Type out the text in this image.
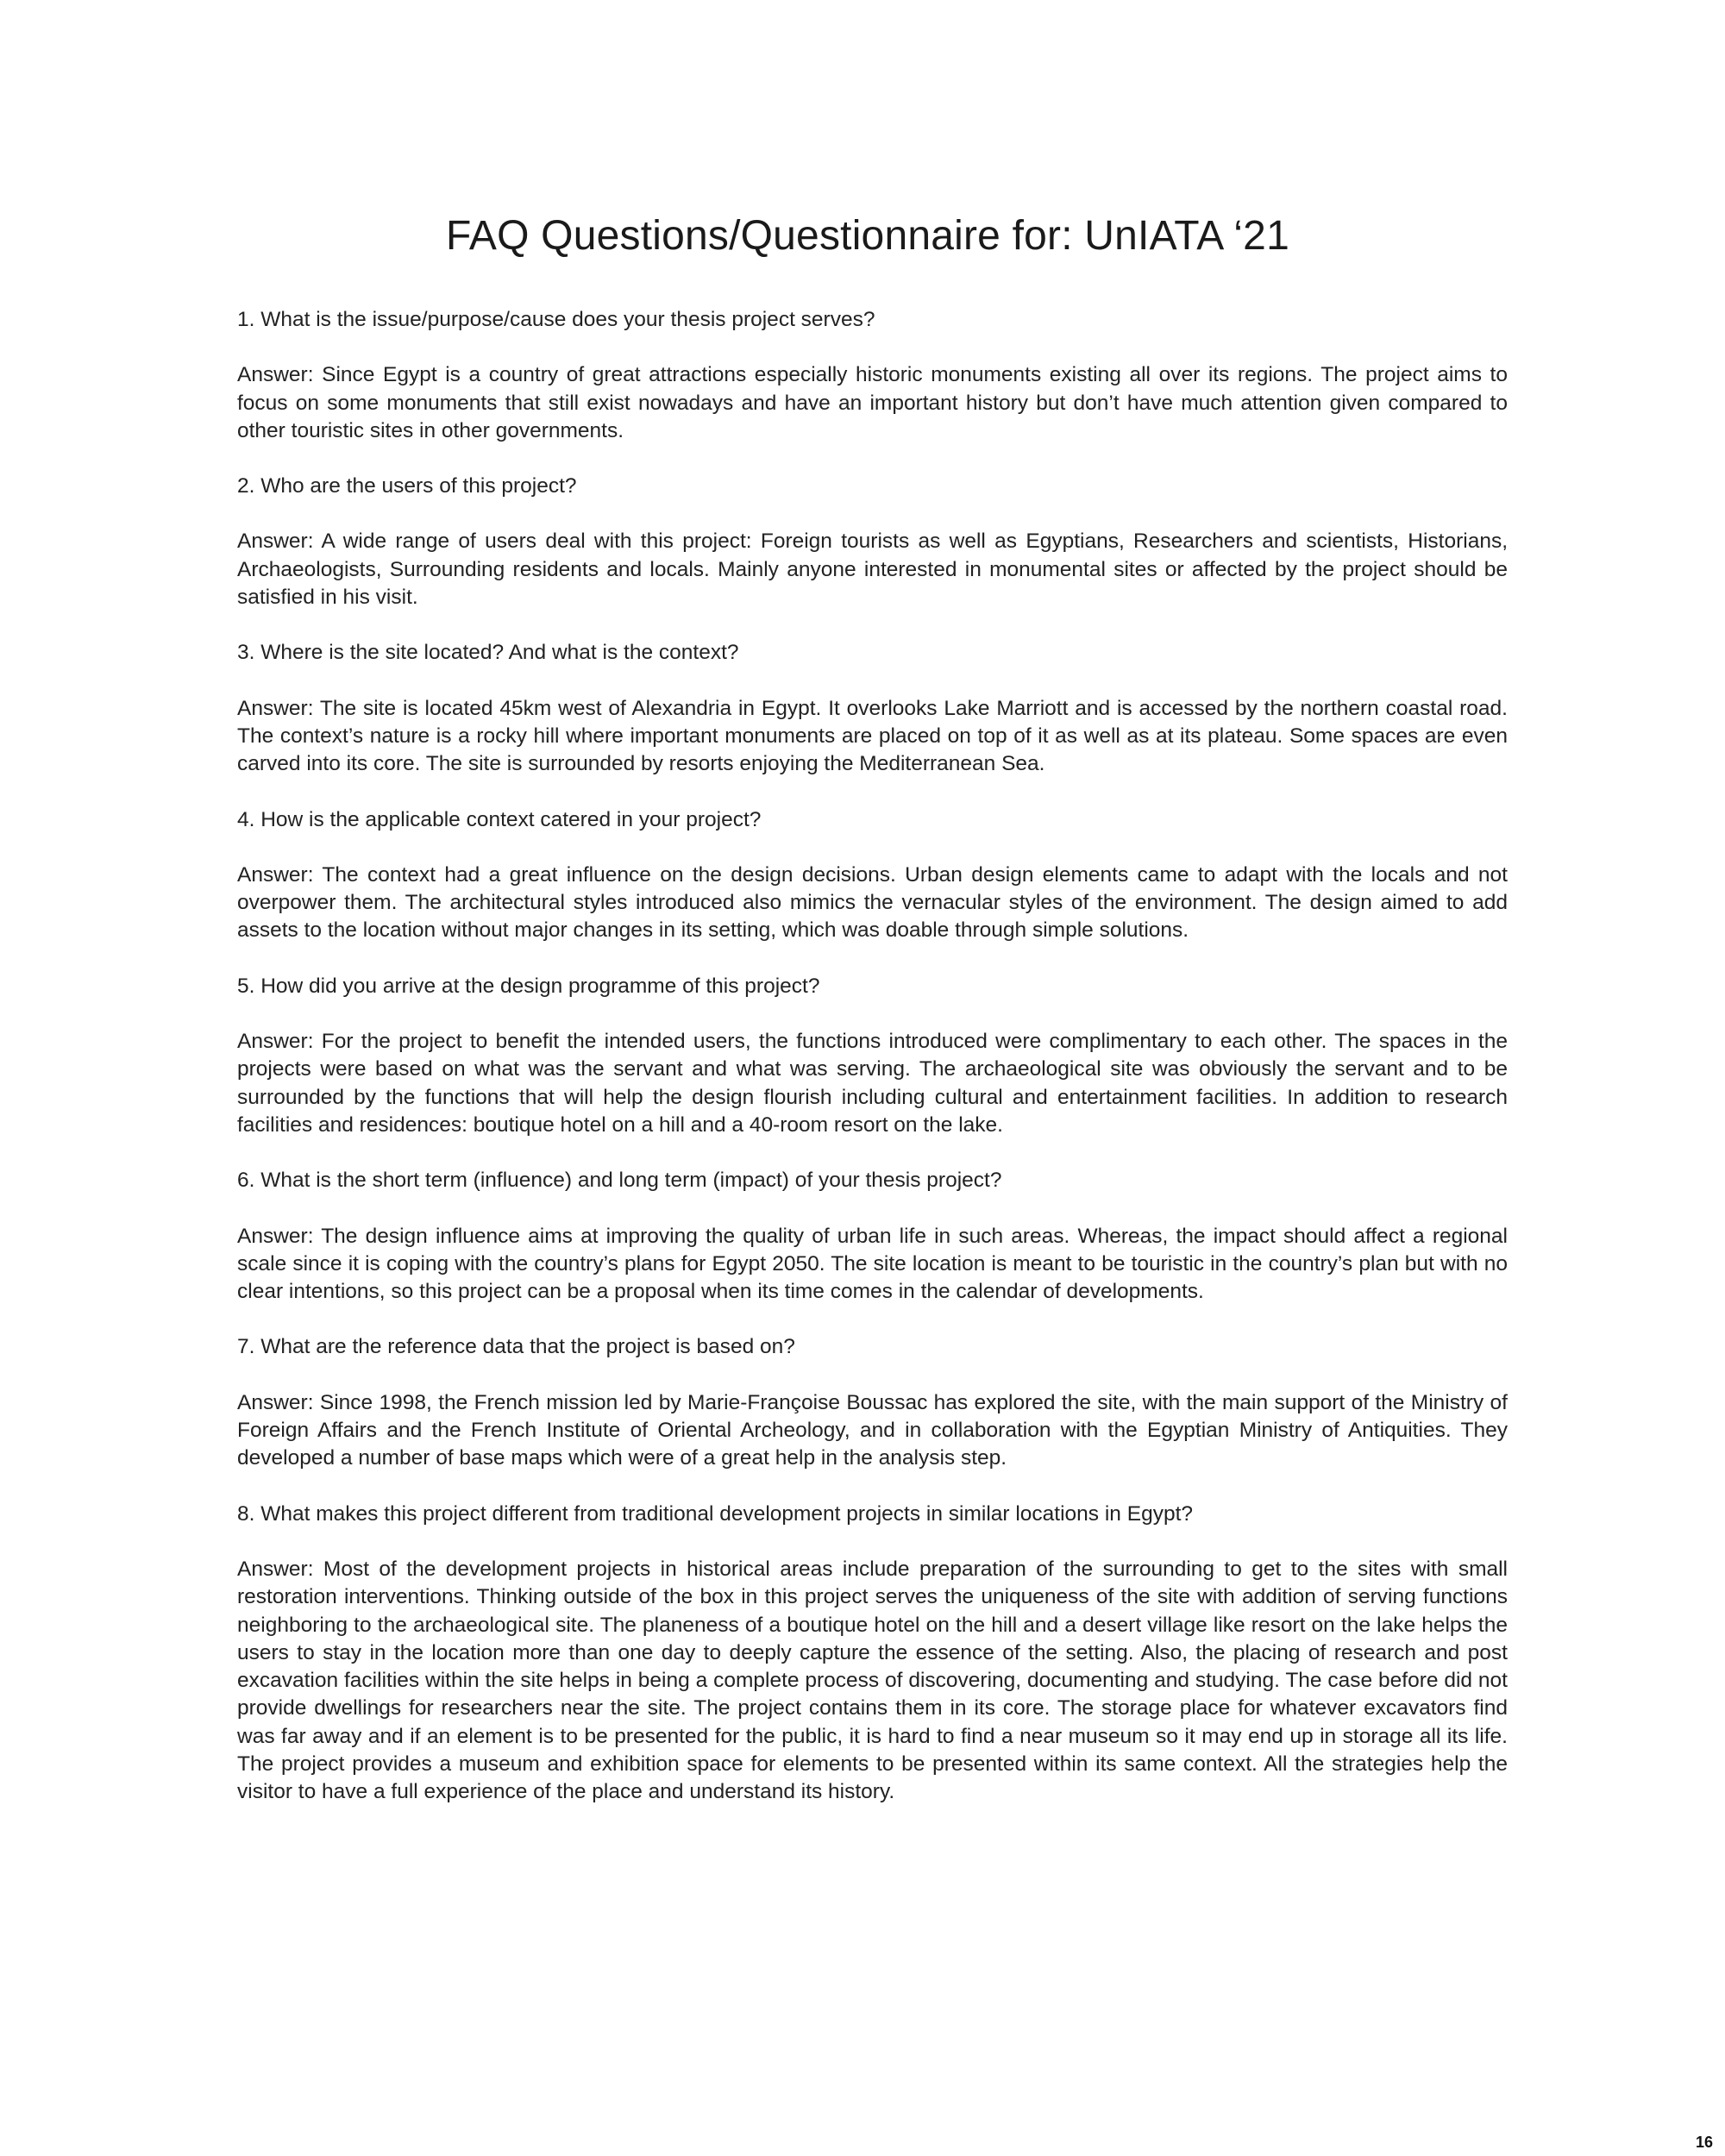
FAQ Questions/Questionnaire for: UnIATA ‘21

1. What is the issue/purpose/cause does your thesis project serves?

Answer: Since Egypt is a country of great attractions especially historic monuments existing all over its regions. The project aims to focus on some monuments that still exist nowadays and have an important history but don’t have much attention given compared to other touristic sites in other governments.

2. Who are the users of this project?

Answer: A wide range of users deal with this project: Foreign tourists as well as Egyptians, Researchers and scientists, Historians, Archaeologists, Surrounding residents and locals. Mainly anyone interested in monumental sites or affected by the project should be satisfied in his visit.

3. Where is the site located? And what is the context?

Answer: The site is located 45km west of Alexandria in Egypt. It overlooks Lake Marriott and is accessed by the northern coastal road. The context’s nature is a rocky hill where important monuments are placed on top of it as well as at its plateau. Some spaces are even carved into its core. The site is surrounded by resorts enjoying the Mediterranean Sea.

4. How is the applicable context catered in your project?

Answer: The context had a great influence on the design decisions. Urban design elements came to adapt with the locals and not overpower them. The architectural styles introduced also mimics the vernacular styles of the environment. The design aimed to add assets to the location without major changes in its setting, which was doable through simple solutions.

5. How did you arrive at the design programme of this project?

Answer: For the project to benefit the intended users, the functions introduced were complimentary to each other. The spaces in the projects were based on what was the servant and what was serving. The archaeological site was obviously the servant and to be surrounded by the functions that will help the design flourish including cultural and entertainment facilities. In addition to research facilities and residences: boutique hotel on a hill and a 40-room resort on the lake.

6. What is the short term (influence) and long term (impact) of your thesis project?

Answer: The design influence aims at improving the quality of urban life in such areas. Whereas, the impact should affect a regional scale since it is coping with the country’s plans for Egypt 2050. The site location is meant to be touristic in the country’s plan but with no clear intentions, so this project can be a proposal when its time comes in the calendar of developments.

7. What are the reference data that the project is based on?

Answer: Since 1998, the French mission led by Marie-Françoise Boussac has explored the site, with the main support of the Ministry of Foreign Affairs and the French Institute of Oriental Archeology, and in collaboration with the Egyptian Ministry of Antiquities. They developed a number of base maps which were of a great help in the analysis step.

8. What makes this project different from traditional development projects in similar locations in Egypt?

Answer: Most of the development projects in historical areas include preparation of the surrounding to get to the sites with small restoration interventions. Thinking outside of the box in this project serves the uniqueness of the site with addition of serving functions neighboring to the archaeological site. The planeness of a boutique hotel on the hill and a desert village like resort on the lake helps the users to stay in the location more than one day to deeply capture the essence of the setting. Also, the placing of research and post excavation facilities within the site helps in being a complete process of discovering, documenting and studying. The case before did not provide dwellings for researchers near the site. The project contains them in its core. The storage place for whatever excavators find was far away and if an element is to be presented for the public, it is hard to find a near museum so it may end up in storage all its life. The project provides a museum and exhibition space for elements to be presented within its same context. All the strategies help the visitor to have a full experience of the place and understand its history.

16
